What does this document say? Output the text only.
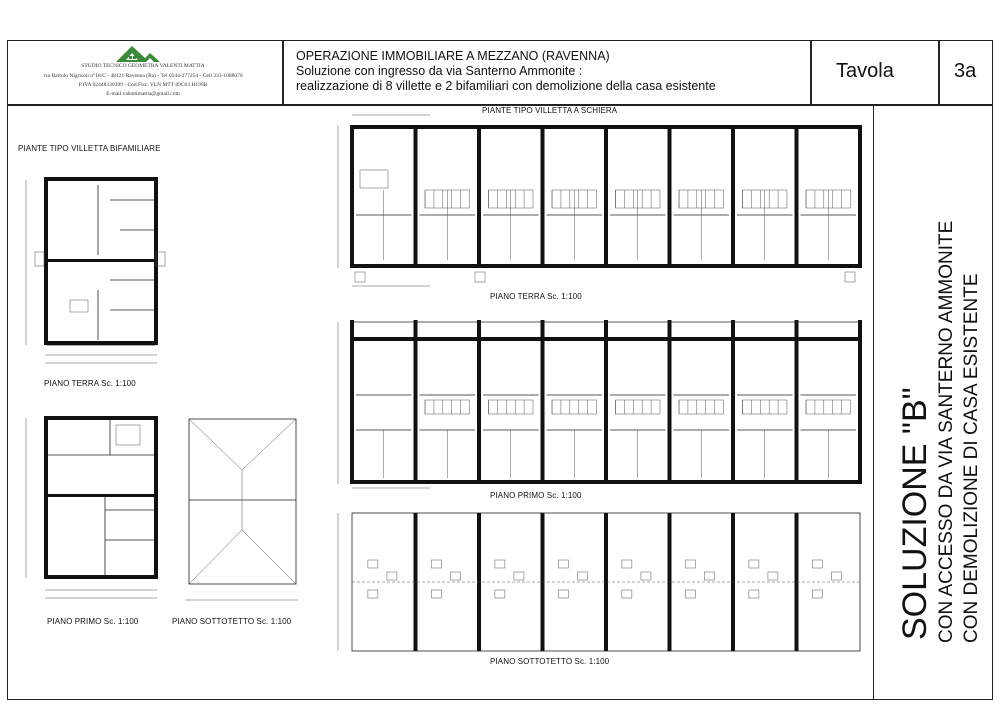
STUDIO TECNICO GEOMETRA VALENTI MATTIA
via Bartolo Nigrisoli n°18/C - 48121 Ravenna (Ra) - Tel 0544-277254 - Cell 333-1088070
P.IVA 02448330399 - Cod.Fisc. VLN MTT 89C03 H199B
E-mail valentimattia@gmail.com
OPERAZIONE IMMOBILIARE A MEZZANO (RAVENNA)
Soluzione con ingresso da via Santerno Ammonite :
realizzazione di 8 villette e 2 bifamiliari con demolizione della casa esistente
Tavola	3a
SOLUZIONE "B" CON ACCESSO DA VIA SANTERNO AMMONITE CON DEMOLIZIONE DI CASA ESISTENTE
PIANTE TIPO VILLETTA BIFAMILIARE
PIANO TERRA Sc. 1:100
PIANO PRIMO Sc. 1:100	PIANO SOTTOTETTO Sc. 1:100
PIANTE TIPO VILLETTA A SCHIERA
PIANO TERRA Sc. 1:100
PIANO PRIMO Sc. 1:100
PIANO SOTTOTETTO Sc. 1:100
